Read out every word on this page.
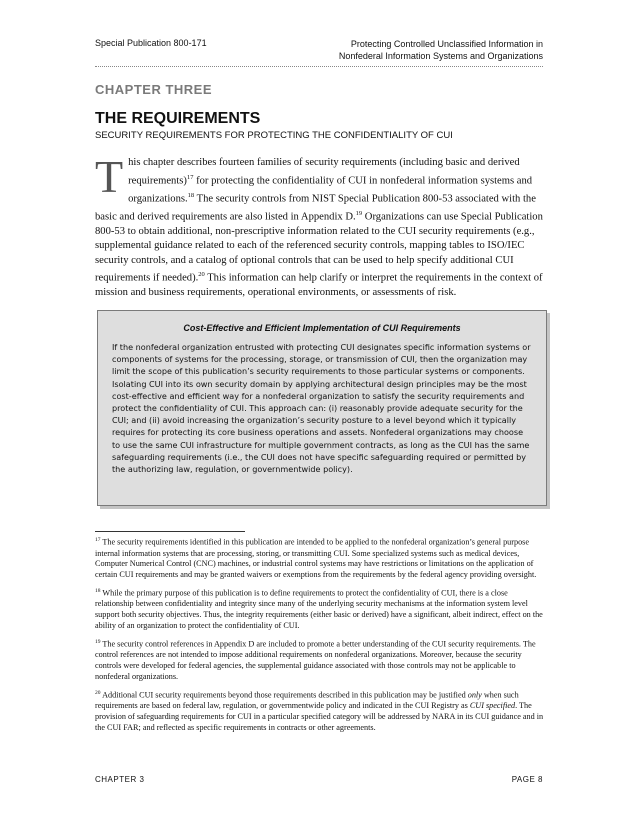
Special Publication 800-171	Protecting Controlled Unclassified Information in
Nonfederal Information Systems and Organizations
CHAPTER THREE
THE REQUIREMENTS
SECURITY REQUIREMENTS FOR PROTECTING THE CONFIDENTIALITY OF CUI
This chapter describes fourteen families of security requirements (including basic and derived requirements)$^{17}$ for protecting the confidentiality of CUI in nonfederal information systems and organizations.$^{18}$ The security controls from NIST Special Publication 800-53 associated with the basic and derived requirements are also listed in Appendix D.$^{19}$ Organizations can use Special Publication 800-53 to obtain additional, non-prescriptive information related to the CUI security requirements (e.g., supplemental guidance related to each of the referenced security controls, mapping tables to ISO/IEC security controls, and a catalog of optional controls that can be used to help specify additional CUI requirements if needed).$^{20}$ This information can help clarify or interpret the requirements in the context of mission and business requirements, operational environments, or assessments of risk.
Cost-Effective and Efficient Implementation of CUI Requirements
If the nonfederal organization entrusted with protecting CUI designates specific information systems or components of systems for the processing, storage, or transmission of CUI, then the organization may limit the scope of this publication’s security requirements to those particular systems or components. Isolating CUI into its own security domain by applying architectural design principles may be the most cost-effective and efficient way for a nonfederal organization to satisfy the security requirements and protect the confidentiality of CUI. This approach can: (i) reasonably provide adequate security for the CUI; and (ii) avoid increasing the organization’s security posture to a level beyond which it typically requires for protecting its core business operations and assets. Nonfederal organizations may choose to use the same CUI infrastructure for multiple government contracts, as long as the CUI has the same safeguarding requirements (i.e., the CUI does not have specific safeguarding required or permitted by the authorizing law, regulation, or governmentwide policy).
$^{17}$ The security requirements identified in this publication are intended to be applied to the nonfederal organization’s general purpose internal information systems that are processing, storing, or transmitting CUI. Some specialized systems such as medical devices, Computer Numerical Control (CNC) machines, or industrial control systems may have restrictions or limitations on the application of certain CUI requirements and may be granted waivers or exemptions from the requirements by the federal agency providing oversight.
$^{18}$ While the primary purpose of this publication is to define requirements to protect the confidentiality of CUI, there is a close relationship between confidentiality and integrity since many of the underlying security mechanisms at the information system level support both security objectives. Thus, the integrity requirements (either basic or derived) have a significant, albeit indirect, effect on the ability of an organization to protect the confidentiality of CUI.
$^{19}$ The security control references in Appendix D are included to promote a better understanding of the CUI security requirements. The control references are not intended to impose additional requirements on nonfederal organizations. Moreover, because the security controls were developed for federal agencies, the supplemental guidance associated with those controls may not be applicable to nonfederal organizations.
$^{20}$ Additional CUI security requirements beyond those requirements described in this publication may be justified only when such requirements are based on federal law, regulation, or governmentwide policy and indicated in the CUI Registry as CUI specified. The provision of safeguarding requirements for CUI in a particular specified category will be addressed by NARA in its CUI guidance and in the CUI FAR; and reflected as specific requirements in contracts or other agreements.
CHAPTER 3	PAGE 8
